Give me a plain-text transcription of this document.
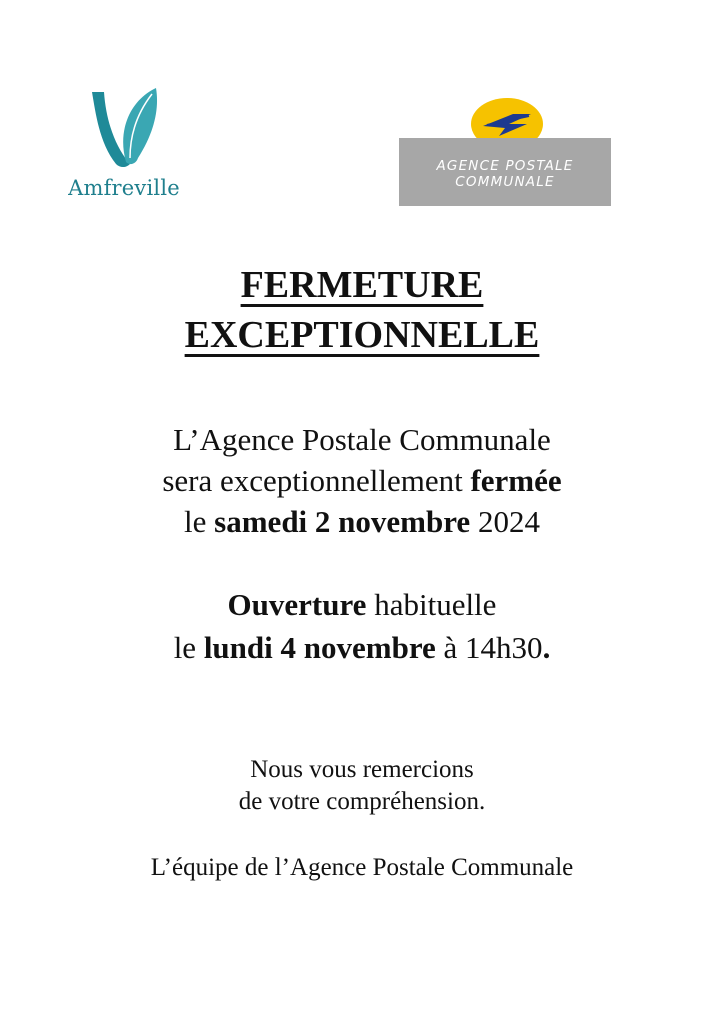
Amfreville
AGENCE POSTALE
COMMUNALE
FERMETURE
EXCEPTIONNELLE
L’Agence Postale Communale
sera exceptionnellement fermée
le samedi 2 novembre 2024
Ouverture habituelle
le lundi 4 novembre à 14h30.
Nous vous remercions
de votre compréhension.
L’équipe de l’Agence Postale Communale
